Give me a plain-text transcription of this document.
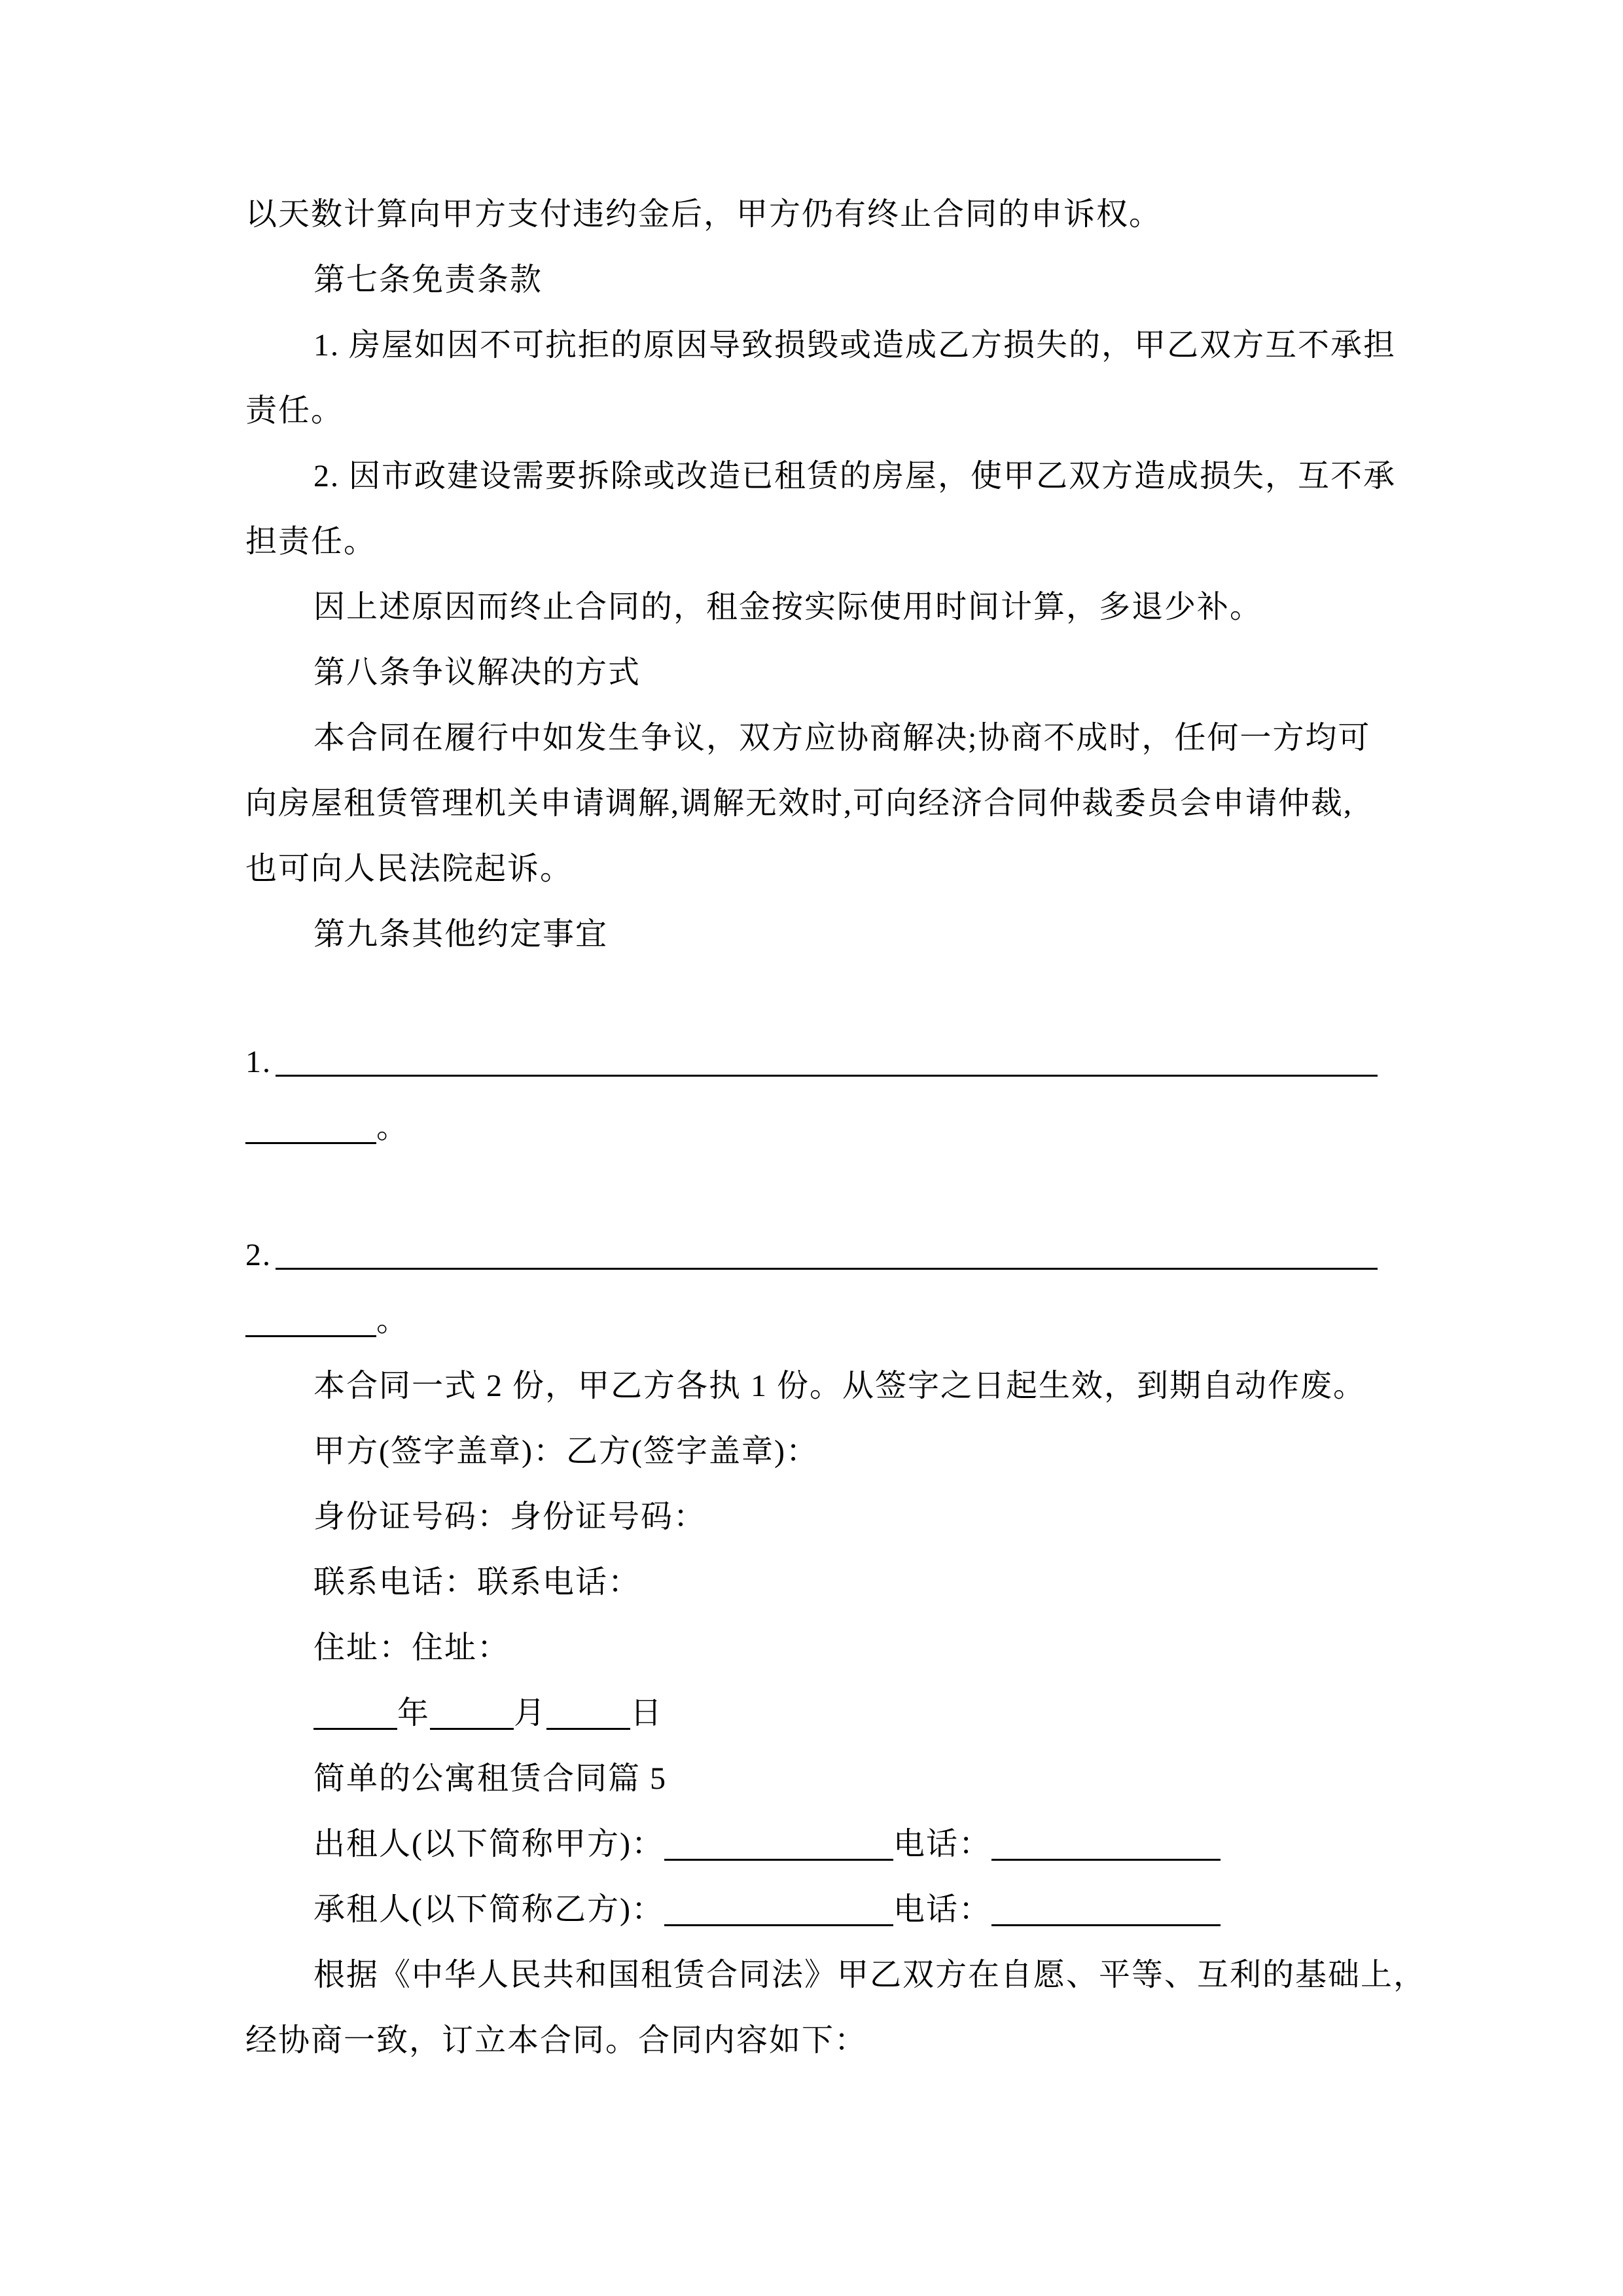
以天数计算向甲方支付违约金后，甲方仍有终止合同的申诉权。

第七条免责条款

1. 房屋如因不可抗拒的原因导致损毁或造成乙方损失的，甲乙双方互不承担

责任。

2. 因市政建设需要拆除或改造已租赁的房屋，使甲乙双方造成损失，互不承

担责任。

因上述原因而终止合同的，租金按实际使用时间计算，多退少补。

第八条争议解决的方式

本合同在履行中如发生争议，双方应协商解决;协商不成时，任何一方均可

向房屋租赁管理机关申请调解,调解无效时,可向经济合同仲裁委员会申请仲裁,

也可向人民法院起诉。

第九条其他约定事宜

1.

。

2.

。

本合同一式 2 份，甲乙方各执 1 份。从签字之日起生效，到期自动作废。

甲方(签字盖章)：乙方(签字盖章)：

身份证号码：身份证号码：

联系电话：联系电话：

住址：住址：

年	月	日

简单的公寓租赁合同篇 5

出租人(以下简称甲方)：	电话：

承租人(以下简称乙方)：	电话：

根据《中华人民共和国租赁合同法》甲乙双方在自愿、平等、互利的基础上，

经协商一致，订立本合同。合同内容如下：
